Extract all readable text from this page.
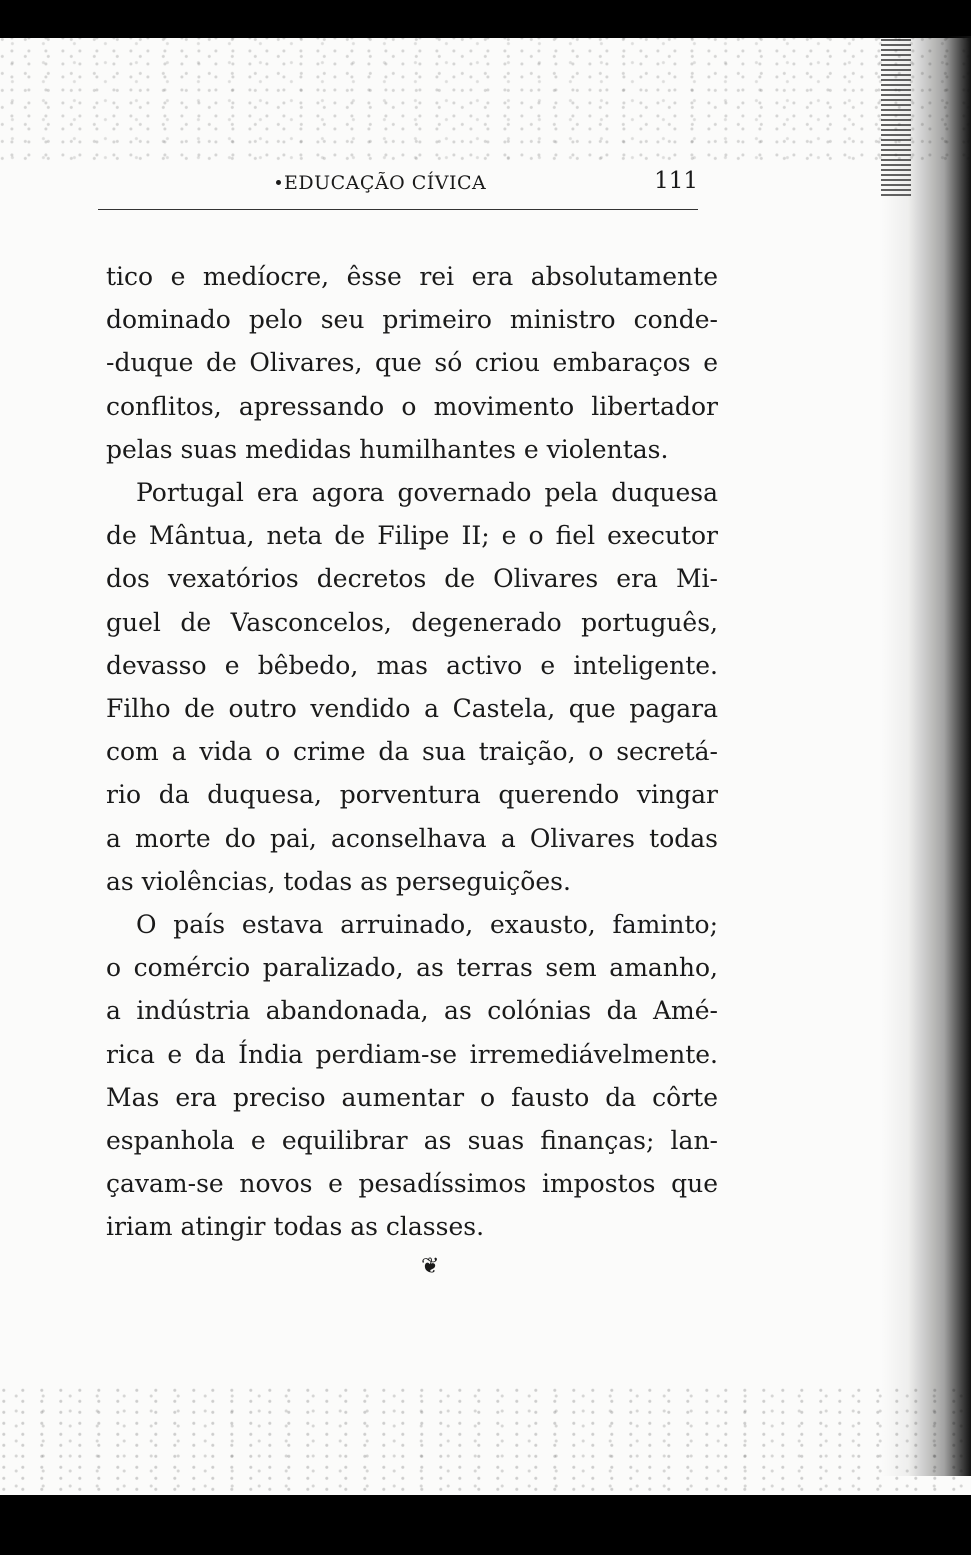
EDUCAÇÃO CÍVICA	111
tico e medíocre, êsse rei era absolutamente
dominado pelo seu primeiro ministro conde-
-duque de Olivares, que só criou embaraços e
conflitos, apressando o movimento libertador
pelas suas medidas humilhantes e violentas.
Portugal era agora governado pela duquesa
de Mântua, neta de Filipe II; e o fiel executor
dos vexatórios decretos de Olivares era Mi-
guel de Vasconcelos, degenerado português,
devasso e bêbedo, mas activo e inteligente.
Filho de outro vendido a Castela, que pagara
com a vida o crime da sua traição, o secretá-
rio da duquesa, porventura querendo vingar
a morte do pai, aconselhava a Olivares todas
as violências, todas as perseguições.
O país estava arruinado, exausto, faminto;
o comércio paralizado, as terras sem amanho,
a indústria abandonada, as colónias da Amé-
rica e da Índia perdiam-se irremediávelmente.
Mas era preciso aumentar o fausto da côrte
espanhola e equilibrar as suas finanças; lan-
çavam-se novos e pesadíssimos impostos que
iriam atingir todas as classes.
❦
